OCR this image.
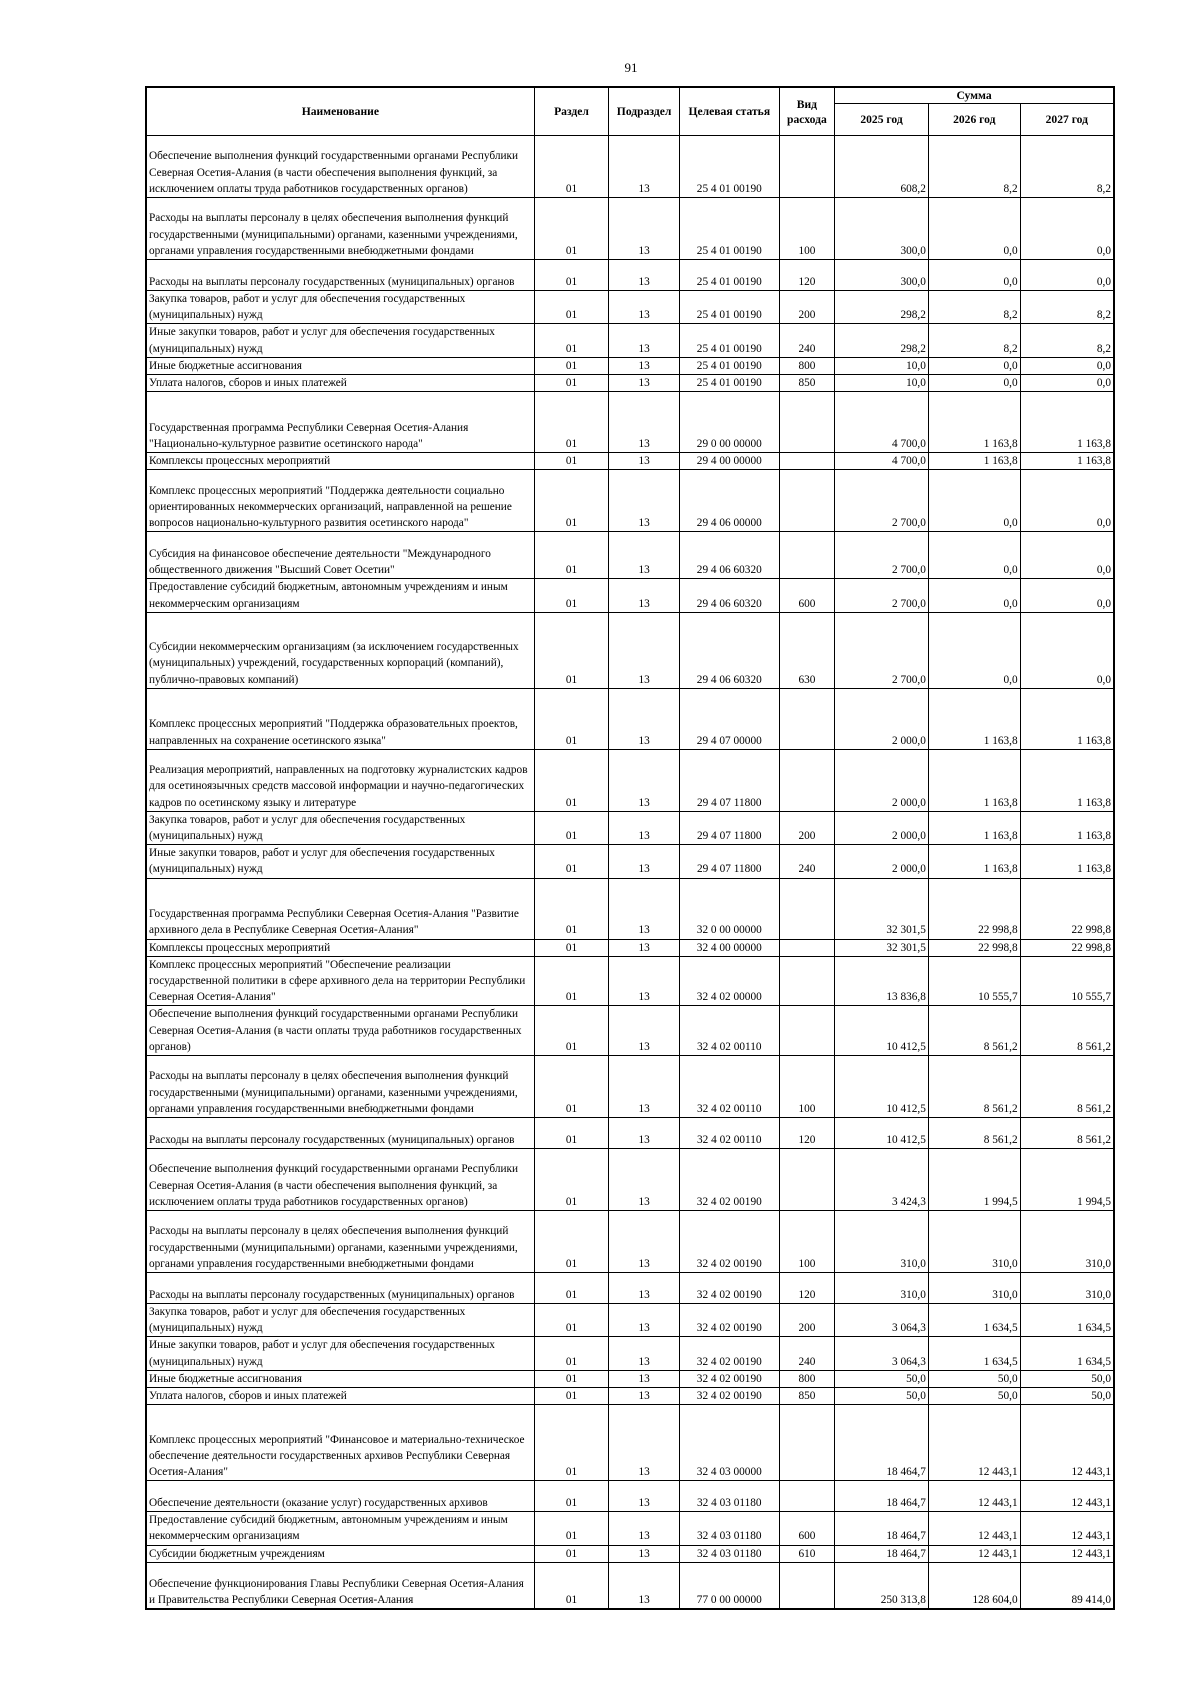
91
Наименование	Раздел	Подраздел	Целевая статья	Вид расхода	Сумма		
					2025 год	2026 год	2027 год
Обеспечение выполнения функций государственными органами Республики Северная Осетия-Алания (в части обеспечения выполнения функций, за исключением оплаты труда работников государственных органов)	01	13	25 4 01 00190		608,2	8,2	8,2
Расходы на выплаты персоналу в целях обеспечения выполнения функций государственными (муниципальными) органами, казенными учреждениями, органами управления государственными внебюджетными фондами	01	13	25 4 01 00190	100	300,0	0,0	0,0
Расходы на выплаты персоналу государственных (муниципальных) органов	01	13	25 4 01 00190	120	300,0	0,0	0,0
Закупка товаров, работ и услуг для обеспечения государственных (муниципальных) нужд	01	13	25 4 01 00190	200	298,2	8,2	8,2
Иные закупки товаров, работ и услуг для обеспечения государственных (муниципальных) нужд	01	13	25 4 01 00190	240	298,2	8,2	8,2
Иные бюджетные ассигнования	01	13	25 4 01 00190	800	10,0	0,0	0,0
Уплата налогов, сборов и иных платежей	01	13	25 4 01 00190	850	10,0	0,0	0,0
Государственная программа Республики Северная Осетия-Алания "Национально-культурное развитие осетинского народа"	01	13	29 0 00 00000		4 700,0	1 163,8	1 163,8
Комплексы процессных мероприятий	01	13	29 4 00 00000		4 700,0	1 163,8	1 163,8
Комплекс процессных мероприятий "Поддержка деятельности социально ориентированных некоммерческих организаций, направленной на решение вопросов национально-культурного развития осетинского народа"	01	13	29 4 06 00000		2 700,0	0,0	0,0
Субсидия на финансовое обеспечение деятельности "Международного общественного движения "Высший Совет Осетии"	01	13	29 4 06 60320		2 700,0	0,0	0,0
Предоставление субсидий бюджетным, автономным учреждениям и иным некоммерческим организациям	01	13	29 4 06 60320	600	2 700,0	0,0	0,0
Субсидии некоммерческим организациям (за исключением государственных (муниципальных) учреждений, государственных корпораций (компаний), публично-правовых компаний)	01	13	29 4 06 60320	630	2 700,0	0,0	0,0
Комплекс процессных мероприятий "Поддержка образовательных проектов, направленных на сохранение осетинского языка"	01	13	29 4 07 00000		2 000,0	1 163,8	1 163,8
Реализация мероприятий, направленных на подготовку журналистских кадров для осетиноязычных средств массовой информации и научно-педагогических кадров по осетинскому языку и литературе	01	13	29 4 07 11800		2 000,0	1 163,8	1 163,8
Закупка товаров, работ и услуг для обеспечения государственных (муниципальных) нужд	01	13	29 4 07 11800	200	2 000,0	1 163,8	1 163,8
Иные закупки товаров, работ и услуг для обеспечения государственных (муниципальных) нужд	01	13	29 4 07 11800	240	2 000,0	1 163,8	1 163,8
Государственная программа Республики Северная Осетия-Алания "Развитие архивного дела в Республике Северная Осетия-Алания"	01	13	32 0 00 00000		32 301,5	22 998,8	22 998,8
Комплексы процессных мероприятий	01	13	32 4 00 00000		32 301,5	22 998,8	22 998,8
Комплекс процессных мероприятий "Обеспечение реализации государственной политики в сфере архивного дела на территории Республики Северная Осетия-Алания"	01	13	32 4 02 00000		13 836,8	10 555,7	10 555,7
Обеспечение выполнения функций государственными органами Республики Северная Осетия-Алания (в части оплаты труда работников государственных органов)	01	13	32 4 02 00110		10 412,5	8 561,2	8 561,2
Расходы на выплаты персоналу в целях обеспечения выполнения функций государственными (муниципальными) органами, казенными учреждениями, органами управления государственными внебюджетными фондами	01	13	32 4 02 00110	100	10 412,5	8 561,2	8 561,2
Расходы на выплаты персоналу государственных (муниципальных) органов	01	13	32 4 02 00110	120	10 412,5	8 561,2	8 561,2
Обеспечение выполнения функций государственными органами Республики Северная Осетия-Алания (в части обеспечения выполнения функций, за исключением оплаты труда работников государственных органов)	01	13	32 4 02 00190		3 424,3	1 994,5	1 994,5
Расходы на выплаты персоналу в целях обеспечения выполнения функций государственными (муниципальными) органами, казенными учреждениями, органами управления государственными внебюджетными фондами	01	13	32 4 02 00190	100	310,0	310,0	310,0
Расходы на выплаты персоналу государственных (муниципальных) органов	01	13	32 4 02 00190	120	310,0	310,0	310,0
Закупка товаров, работ и услуг для обеспечения государственных (муниципальных) нужд	01	13	32 4 02 00190	200	3 064,3	1 634,5	1 634,5
Иные закупки товаров, работ и услуг для обеспечения государственных (муниципальных) нужд	01	13	32 4 02 00190	240	3 064,3	1 634,5	1 634,5
Иные бюджетные ассигнования	01	13	32 4 02 00190	800	50,0	50,0	50,0
Уплата налогов, сборов и иных платежей	01	13	32 4 02 00190	850	50,0	50,0	50,0
Комплекс процессных мероприятий "Финансовое и материально-техническое обеспечение деятельности государственных архивов Республики Северная Осетия-Алания"	01	13	32 4 03 00000		18 464,7	12 443,1	12 443,1
Обеспечение деятельности (оказание услуг) государственных архивов	01	13	32 4 03 01180		18 464,7	12 443,1	12 443,1
Предоставление субсидий бюджетным, автономным учреждениям и иным некоммерческим организациям	01	13	32 4 03 01180	600	18 464,7	12 443,1	12 443,1
Субсидии бюджетным учреждениям	01	13	32 4 03 01180	610	18 464,7	12 443,1	12 443,1
Обеспечение функционирования Главы Республики Северная Осетия-Алания и Правительства Республики Северная Осетия-Алания	01	13	77 0 00 00000		250 313,8	128 604,0	89 414,0
